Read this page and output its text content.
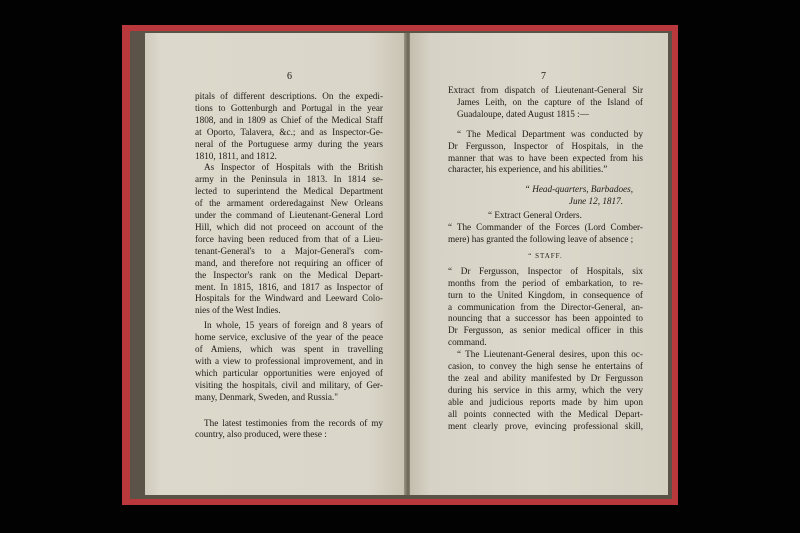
6

pitals of different descriptions. On the expedi-

tions to Gottenburgh and Portugal in the year

1808, and in 1809 as Chief of the Medical Staff

at Oporto, Talavera, &c.; and as Inspector-Ge-

neral of the Portuguese army during the years

1810, 1811, and 1812.

As Inspector of Hospitals with the British

army in the Peninsula in 1813. In 1814 se-

lected to superintend the Medical Department

of the armament orderedagainst New Orleans

under the command of Lieutenant-General Lord

Hill, which did not proceed on account of the

force having been reduced from that of a Lieu-

tenant-General's to a Major-General's com-

mand, and therefore not requiring an officer of

the Inspector's rank on the Medical Depart-

ment. In 1815, 1816, and 1817 as Inspector of

Hospitals for the Windward and Leeward Colo-

nies of the West Indies.

In whole, 15 years of foreign and 8 years of

home service, exclusive of the year of the peace

of Amiens, which was spent in travelling

with a view to professional improvement, and in

which particular opportunities were enjoyed of

visiting the hospitals, civil and military, of Ger-

many, Denmark, Sweden, and Russia."

The latest testimonies from the records of my

country, also produced, were these :

7

Extract from dispatch of Lieutenant-General Sir

James Leith, on the capture of the Island of

Guadaloupe, dated August 1815 :—

“ The Medical Department was conducted by

Dr Fergusson, Inspector of Hospitals, in the

manner that was to have been expected from his

character, his experience, and his abilities.”

“ Head-quarters, Barbadoes,

June 12, 1817.

“ Extract General Orders.

“ The Commander of the Forces (Lord Comber-

mere) has granted the following leave of absence ;

“ STAFF.

“ Dr Fergusson, Inspector of Hospitals, six

months from the period of embarkation, to re-

turn to the United Kingdom, in consequence of

a communication from the Director-General, an-

nouncing that a successor has been appointed to

Dr Fergusson, as senior medical officer in this

command.

“ The Lieutenant-General desires, upon this oc-

casion, to convey the high sense he entertains of

the zeal and ability manifested by Dr Fergusson

during his service in this army, which the very

able and judicious reports made by him upon

all points connected with the Medical Depart-

ment clearly prove, evincing professional skill,
